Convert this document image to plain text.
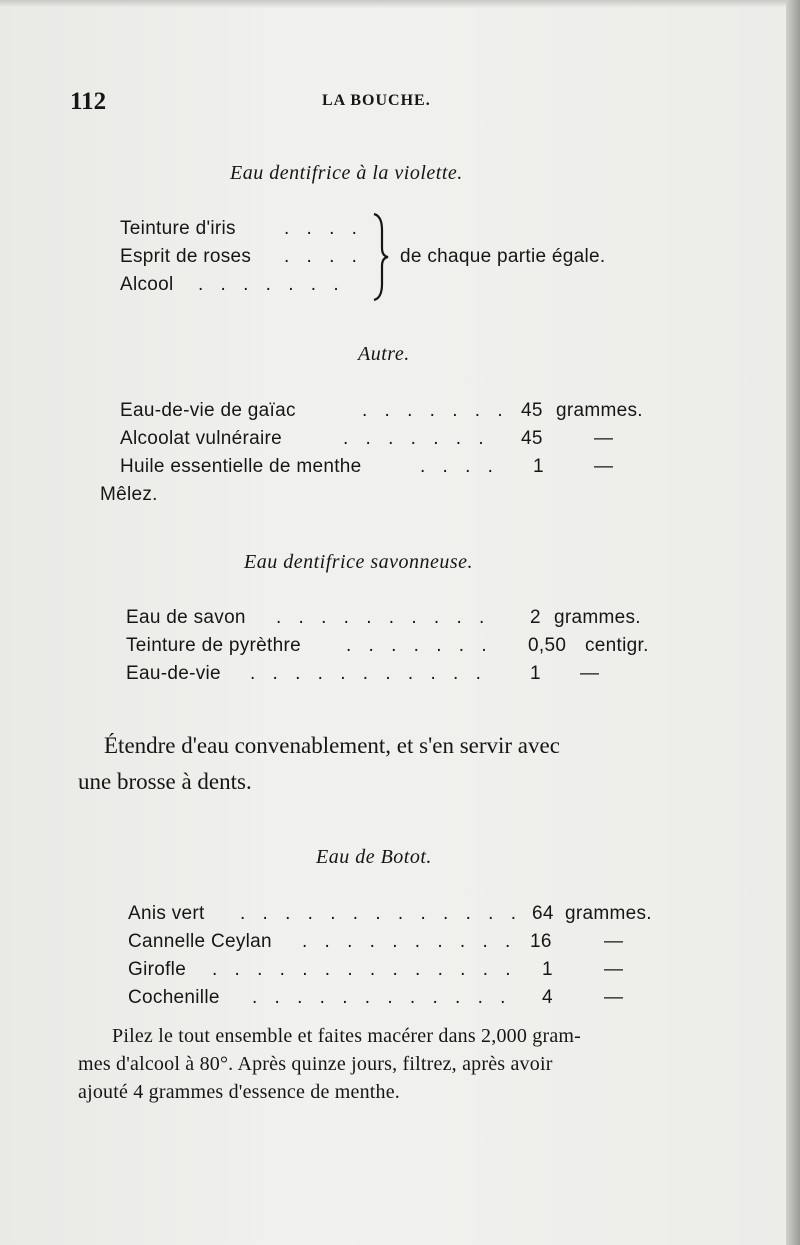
112	LA BOUCHE.
Eau dentifrice à la violette.
Teinture d'iris	. . . .
Esprit de roses . . . .
Alcool . . . . . . .
de chaque partie égale.
Autre.
Eau-de-vie de gaïac	. . . . . . . 45 grammes.
Alcoolat vulnéraire	. . . . . . . 45	—
Huile essentielle de menthe	. . . . 1	—
Mêlez.
Eau dentifrice savonneuse.
Eau de savon . . . . . . . . . . 2 grammes.
Teinture de pyrèthre . . . . . . . 0,50 centigr.
Eau-de-vie . . . . . . . . . . . 1 —
Étendre d'eau convenablement, et s'en servir avec
une brosse à dents.
Eau de Botot.
Anis vert . . . . . . . . . . . . . 64 grammes.
Cannelle Ceylan . . . . . . . . . . 16	—
Girofle . . . . . . . . . . . . . . 1	—
Cochenille . . . . . . . . . . . . 4	—
Pilez le tout ensemble et faites macérer dans 2,000 gram-
mes d'alcool à 80°. Après quinze jours, filtrez, après avoir
ajouté 4 grammes d'essence de menthe.
